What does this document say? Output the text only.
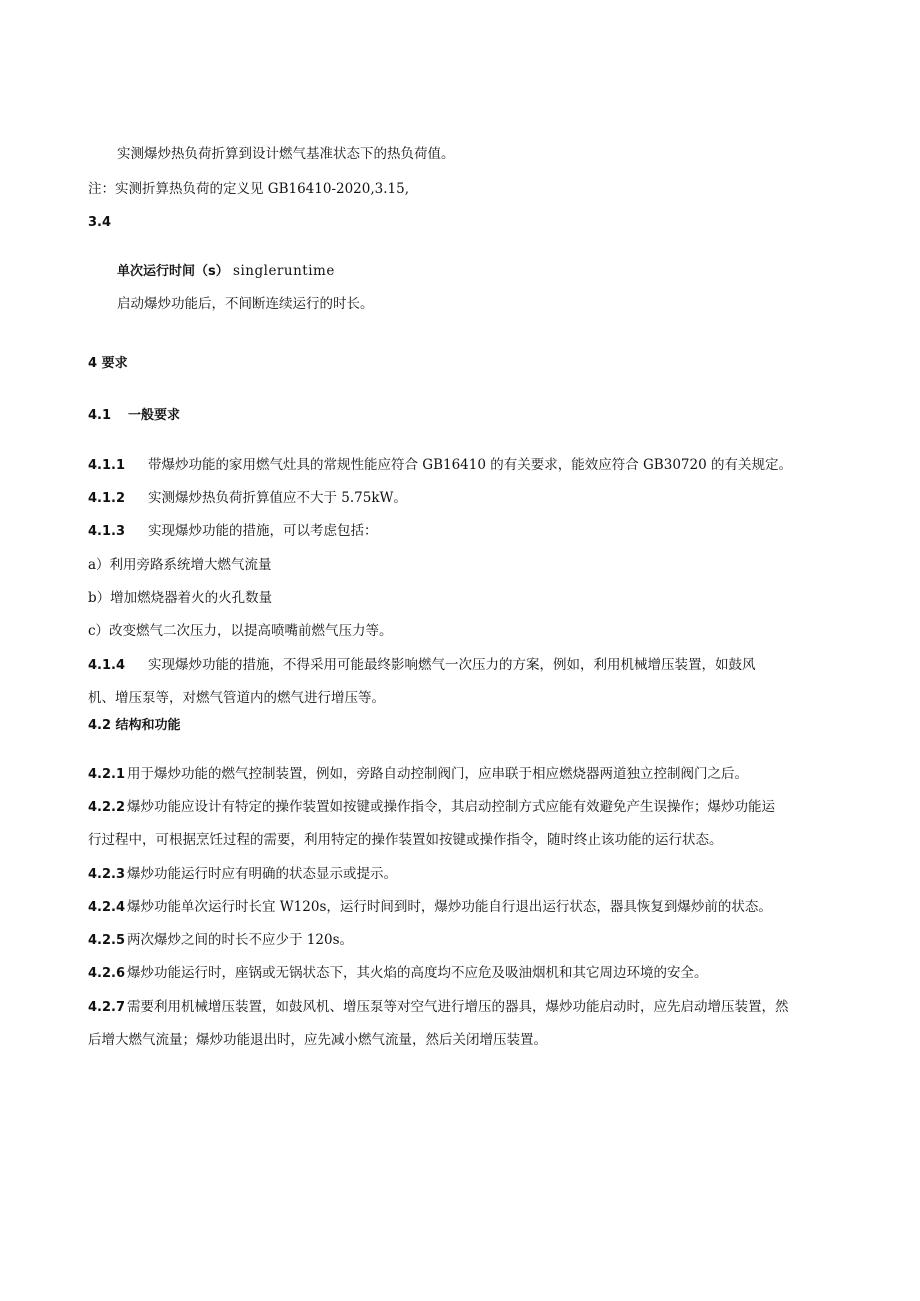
实测爆炒热负荷折算到设计燃气基准状态下的热负荷值。
注：实测折算热负荷的定义见 GB16410-2020,3.15,
3.4
单次运行时间（s） singleruntime
启动爆炒功能后，不间断连续运行的时长。
4 要求
4.1 一般要求
4.1.1 带爆炒功能的家用燃气灶具的常规性能应符合 GB16410 的有关要求，能效应符合 GB30720 的有关规定。
4.1.2 实测爆炒热负荷折算值应不大于 5.75kW。
4.1.3 实现爆炒功能的措施，可以考虑包括：
a）利用旁路系统增大燃气流量
b）增加燃烧器着火的火孔数量
c）改变燃气二次压力，以提高喷嘴前燃气压力等。
4.1.4 实现爆炒功能的措施，不得采用可能最终影响燃气一次压力的方案，例如，利用机械增压装置，如鼓风
机、增压泵等，对燃气管道内的燃气进行增压等。
4.2 结构和功能
4.2.1 用于爆炒功能的燃气控制装置，例如，旁路自动控制阀门，应串联于相应燃烧器两道独立控制阀门之后。
4.2.2 爆炒功能应设计有特定的操作装置如按键或操作指令，其启动控制方式应能有效避免产生误操作；爆炒功能运
行过程中，可根据烹饪过程的需要，利用特定的操作装置如按键或操作指令，随时终止该功能的运行状态。
4.2.3 爆炒功能运行时应有明确的状态显示或提示。
4.2.4 爆炒功能单次运行时长宜 W120s，运行时间到时，爆炒功能自行退出运行状态，器具恢复到爆炒前的状态。
4.2.5 两次爆炒之间的时长不应少于 120s。
4.2.6 爆炒功能运行时，座锅或无锅状态下，其火焰的高度均不应危及吸油烟机和其它周边环境的安全。
4.2.7 需要利用机械增压装置，如鼓风机、增压泵等对空气进行增压的器具，爆炒功能启动时，应先启动增压装置，然
后增大燃气流量；爆炒功能退出时，应先减小燃气流量，然后关闭增压装置。
